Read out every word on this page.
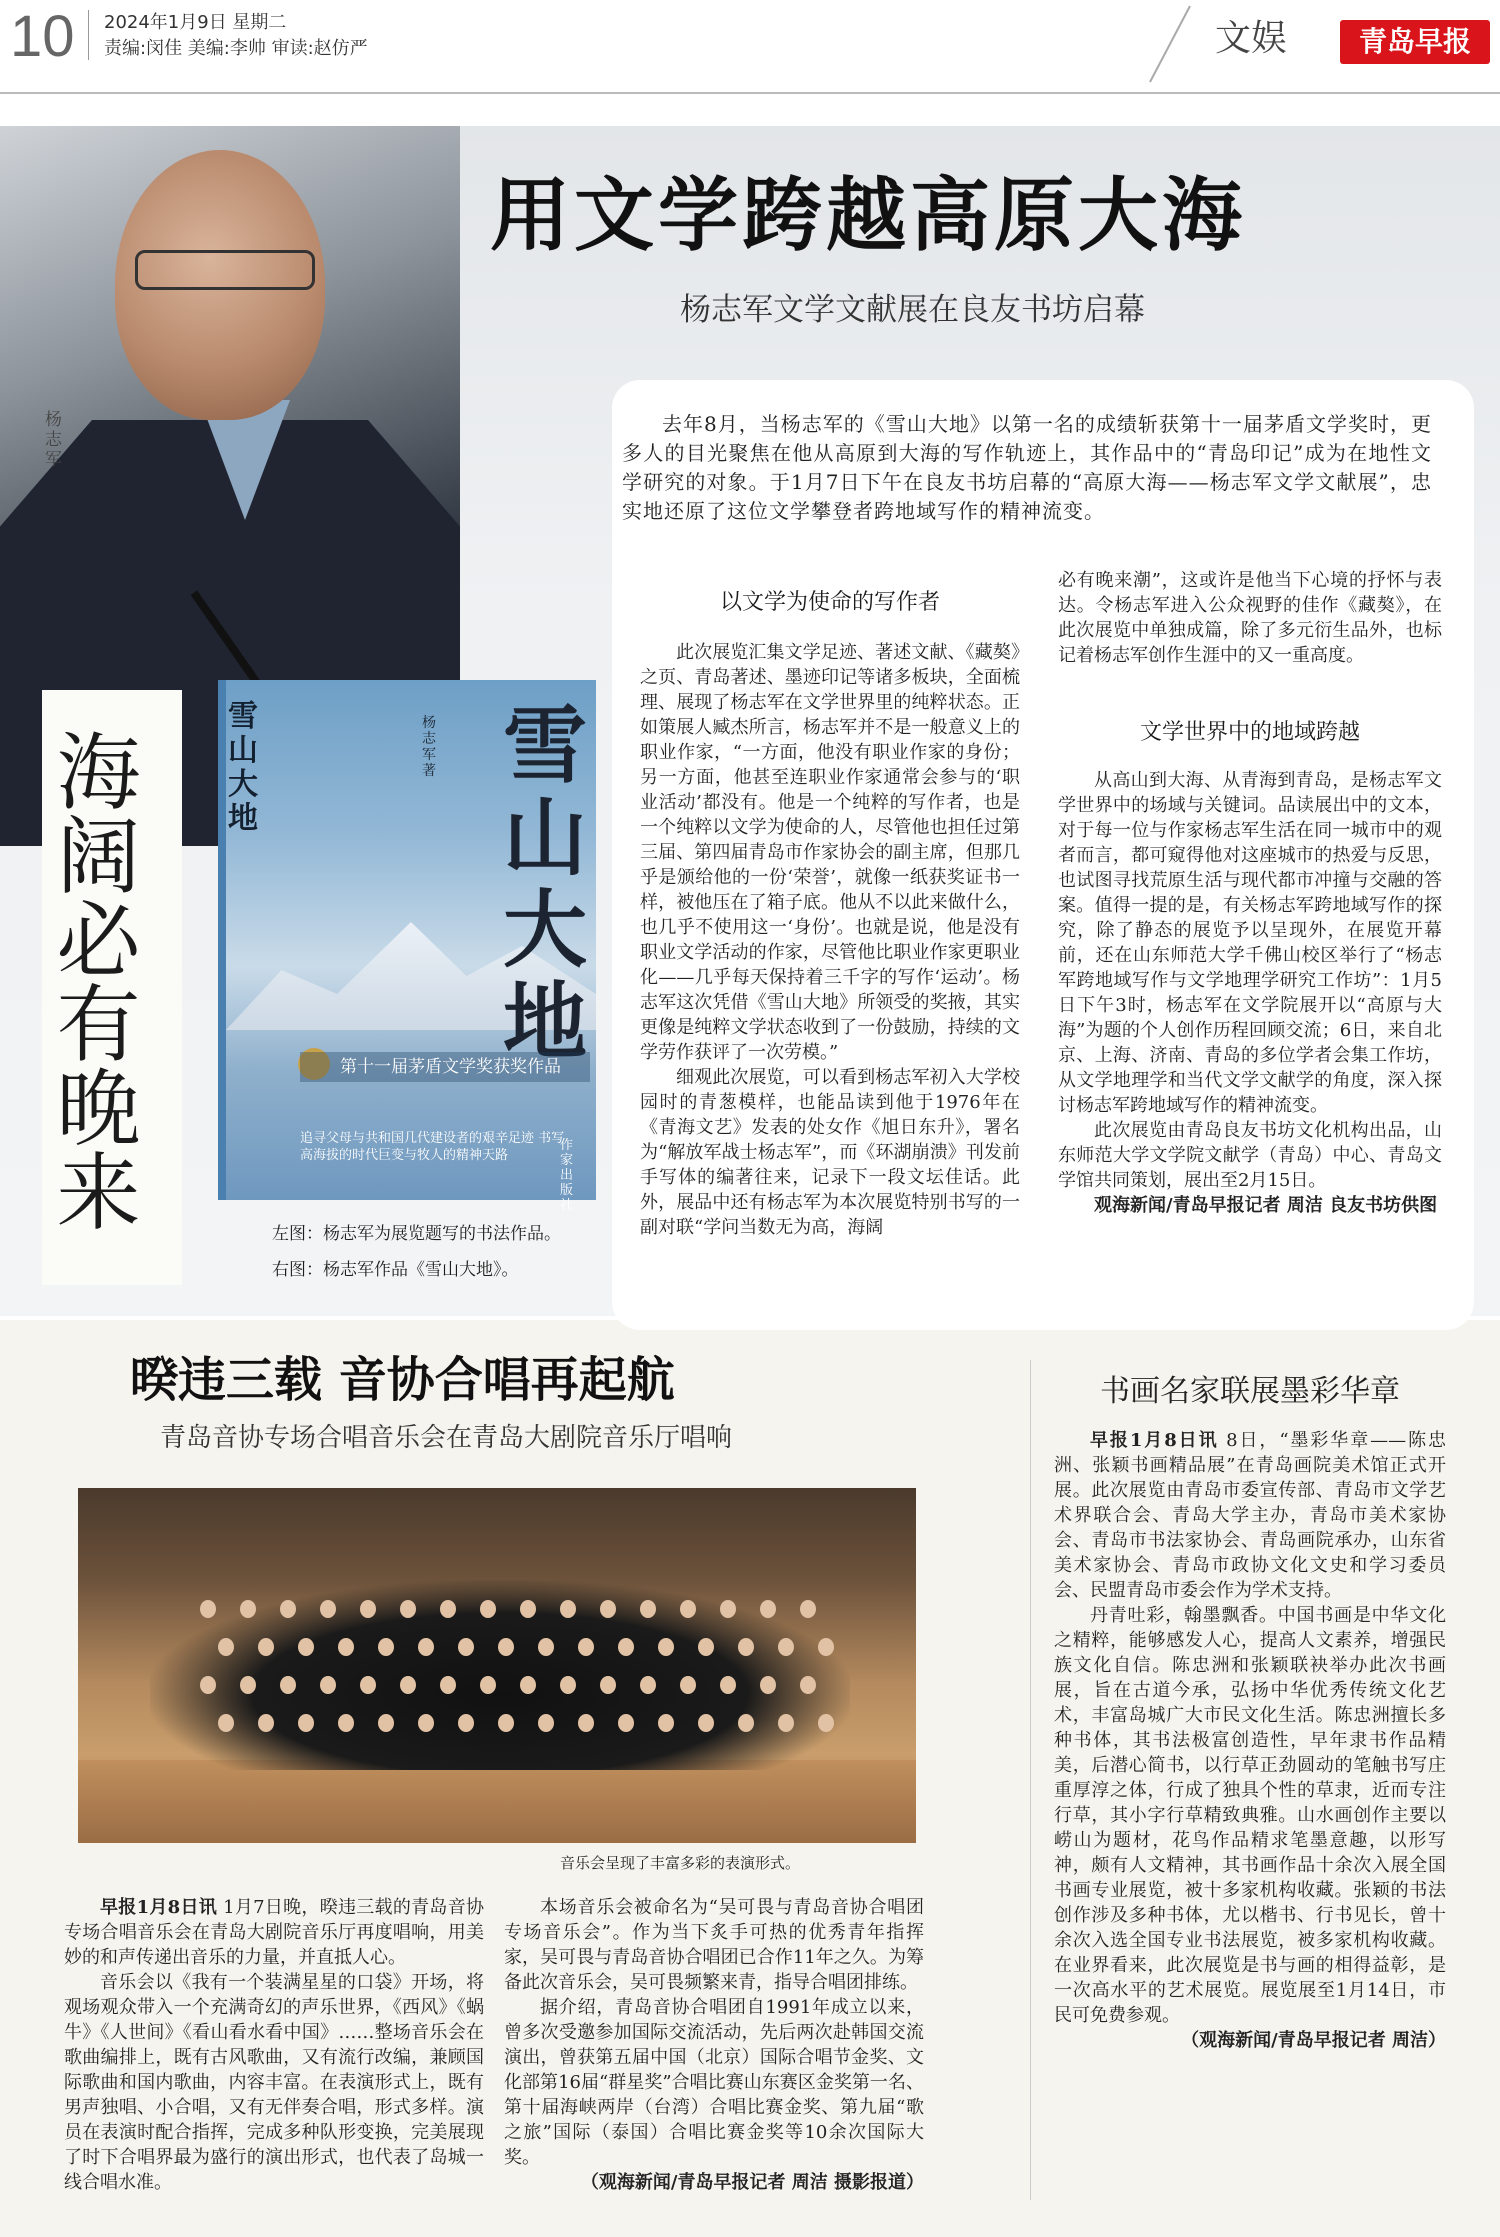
10	2024年1月9日 星期二
责编:闵佳 美编:李帅 审读:赵仿严	文娱	青岛早报
杨志军
海阔必有晚来
雪山大地
杨志军 著 雪山大地
第十一届茅盾文学奖获奖作品
追寻父母与共和国几代建设者的艰辛足迹 书写高海拔的时代巨变与牧人的精神天路
作家出版社
用文学跨越高原大海
杨志军文学文献展在良友书坊启幕
去年8月，当杨志军的《雪山大地》以第一名的成绩斩获第十一届茅盾文学奖时，更多人的目光聚焦在他从高原到大海的写作轨迹上，其作品中的“青岛印记”成为在地性文学研究的对象。于1月7日下午在良友书坊启幕的“高原大海——杨志军文学文献展”，忠实地还原了这位文学攀登者跨地域写作的精神流变。
以文学为使命的写作者

此次展览汇集文学足迹、著述文献、《藏獒》之页、青岛著述、墨迹印记等诸多板块，全面梳理、展现了杨志军在文学世界里的纯粹状态。正如策展人臧杰所言，杨志军并不是一般意义上的职业作家，“一方面，他没有职业作家的身份；另一方面，他甚至连职业作家通常会参与的‘职业活动’都没有。他是一个纯粹的写作者，也是一个纯粹以文学为使命的人，尽管他也担任过第三届、第四届青岛市作家协会的副主席，但那几乎是颁给他的一份‘荣誉’，就像一纸获奖证书一样，被他压在了箱子底。他从不以此来做什么，也几乎不使用这一‘身份’。也就是说，他是没有职业文学活动的作家，尽管他比职业作家更职业化——几乎每天保持着三千字的写作‘运动’。杨志军这次凭借《雪山大地》所领受的奖掖，其实更像是纯粹文学状态收到了一份鼓励，持续的文学劳作获评了一次劳模。”

细观此次展览，可以看到杨志军初入大学校园时的青葱模样，也能品读到他于1976年在《青海文艺》发表的处女作《旭日东升》，署名为“解放军战士杨志军”，而《环湖崩溃》刊发前手写体的编著往来，记录下一段文坛佳话。此外，展品中还有杨志军为本次展览特别书写的一副对联“学问当数无为高，海阔

必有晚来潮”，这或许是他当下心境的抒怀与表达。令杨志军进入公众视野的佳作《藏獒》，在此次展览中单独成篇，除了多元衍生品外，也标记着杨志军创作生涯中的又一重高度。
文学世界中的地域跨越

从高山到大海、从青海到青岛，是杨志军文学世界中的场域与关键词。品读展出中的文本，对于每一位与作家杨志军生活在同一城市中的观者而言，都可窥得他对这座城市的热爱与反思，也试图寻找荒原生活与现代都市冲撞与交融的答案。值得一提的是，有关杨志军跨地域写作的探究，除了静态的展览予以呈现外，在展览开幕前，还在山东师范大学千佛山校区举行了“杨志军跨地域写作与文学地理学研究工作坊”：1月5日下午3时，杨志军在文学院展开以“高原与大海”为题的个人创作历程回顾交流；6日，来自北京、上海、济南、青岛的多位学者会集工作坊，从文学地理学和当代文学文献学的角度，深入探讨杨志军跨地域写作的精神流变。

此次展览由青岛良友书坊文化机构出品，山东师范大学文学院文献学（青岛）中心、青岛文学馆共同策划，展出至2月15日。

观海新闻/青岛早报记者 周洁 良友书坊供图

左图：杨志军为展览题写的书法作品。
右图：杨志军作品《雪山大地》。
暌违三载 音协合唱再起航
青岛音协专场合唱音乐会在青岛大剧院音乐厅唱响
音乐会呈现了丰富多彩的表演形式。

早报1月8日讯 1月7日晚，暌违三载的青岛音协专场合唱音乐会在青岛大剧院音乐厅再度唱响，用美妙的和声传递出音乐的力量，并直抵人心。

音乐会以《我有一个装满星星的口袋》开场，将观场观众带入一个充满奇幻的声乐世界，《西风》《蜗牛》《人世间》《看山看水看中国》……整场音乐会在歌曲编排上，既有古风歌曲，又有流行改编，兼顾国际歌曲和国内歌曲，内容丰富。在表演形式上，既有男声独唱、小合唱，又有无伴奏合唱，形式多样。演员在表演时配合指挥，完成多种队形变换，完美展现了时下合唱界最为盛行的演出形式，也代表了岛城一线合唱水准。

本场音乐会被命名为“吴可畏与青岛音协合唱团专场音乐会”。作为当下炙手可热的优秀青年指挥家，吴可畏与青岛音协合唱团已合作11年之久。为筹备此次音乐会，吴可畏频繁来青，指导合唱团排练。

据介绍，青岛音协合唱团自1991年成立以来，曾多次受邀参加国际交流活动，先后两次赴韩国交流演出，曾获第五届中国（北京）国际合唱节金奖、文化部第16届“群星奖”合唱比赛山东赛区金奖第一名、第十届海峡两岸（台湾）合唱比赛金奖、第九届“歌之旅”国际（泰国）合唱比赛金奖等10余次国际大奖。

（观海新闻/青岛早报记者 周洁 摄影报道）
书画名家联展墨彩华章

早报1月8日讯 8日，“墨彩华章——陈忠洲、张颖书画精品展”在青岛画院美术馆正式开展。此次展览由青岛市委宣传部、青岛市文学艺术界联合会、青岛大学主办，青岛市美术家协会、青岛市书法家协会、青岛画院承办，山东省美术家协会、青岛市政协文化文史和学习委员会、民盟青岛市委会作为学术支持。

丹青吐彩，翰墨飘香。中国书画是中华文化之精粹，能够感发人心，提高人文素养，增强民族文化自信。陈忠洲和张颖联袂举办此次书画展，旨在古道今承，弘扬中华优秀传统文化艺术，丰富岛城广大市民文化生活。陈忠洲擅长多种书体，其书法极富创造性，早年隶书作品精美，后潜心简书，以行草正劲圆动的笔触书写庄重厚淳之体，行成了独具个性的草隶，近而专注行草，其小字行草精致典雅。山水画创作主要以崂山为题材，花鸟作品精求笔墨意趣，以形写神，颇有人文精神，其书画作品十余次入展全国书画专业展览，被十多家机构收藏。张颖的书法创作涉及多种书体，尤以楷书、行书见长，曾十余次入选全国专业书法展览，被多家机构收藏。在业界看来，此次展览是书与画的相得益彰，是一次高水平的艺术展览。展览展至1月14日，市民可免费参观。

（观海新闻/青岛早报记者 周洁）
